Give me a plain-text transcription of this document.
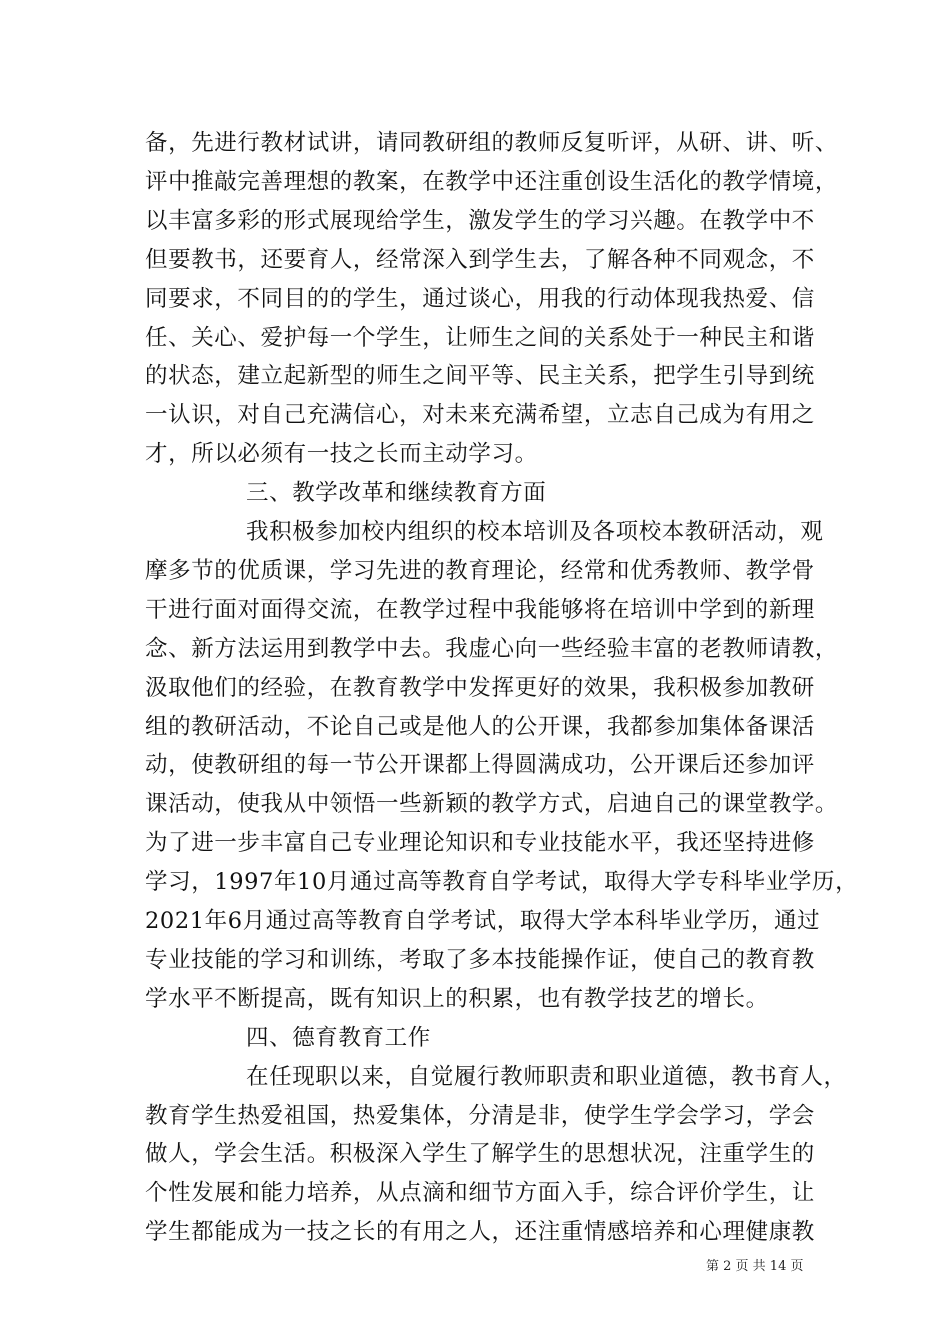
备，先进行教材试讲，请同教研组的教师反复听评，从研、讲、听、
评中推敲完善理想的教案，在教学中还注重创设生活化的教学情境，
以丰富多彩的形式展现给学生，激发学生的学习兴趣。在教学中不
但要教书，还要育人，经常深入到学生去，了解各种不同观念，不
同要求，不同目的的学生，通过谈心，用我的行动体现我热爱、信
任、关心、爱护每一个学生，让师生之间的关系处于一种民主和谐
的状态，建立起新型的师生之间平等、民主关系，把学生引导到统
一认识，对自己充满信心，对未来充满希望，立志自己成为有用之
才，所以必须有一技之长而主动学习。
三、教学改革和继续教育方面
我积极参加校内组织的校本培训及各项校本教研活动，观
摩多节的优质课，学习先进的教育理论，经常和优秀教师、教学骨
干进行面对面得交流，在教学过程中我能够将在培训中学到的新理
念、新方法运用到教学中去。我虚心向一些经验丰富的老教师请教，
汲取他们的经验，在教育教学中发挥更好的效果，我积极参加教研
组的教研活动，不论自己或是他人的公开课，我都参加集体备课活
动，使教研组的每一节公开课都上得圆满成功，公开课后还参加评
课活动，使我从中领悟一些新颖的教学方式，启迪自己的课堂教学。
为了进一步丰富自己专业理论知识和专业技能水平，我还坚持进修
学习，1997年10月通过高等教育自学考试，取得大学专科毕业学历，
2021年6月通过高等教育自学考试，取得大学本科毕业学历，通过
专业技能的学习和训练，考取了多本技能操作证，使自己的教育教
学水平不断提高，既有知识上的积累，也有教学技艺的增长。
四、德育教育工作
在任现职以来，自觉履行教师职责和职业道德，教书育人，
教育学生热爱祖国，热爱集体，分清是非，使学生学会学习，学会
做人，学会生活。积极深入学生了解学生的思想状况，注重学生的
个性发展和能力培养，从点滴和细节方面入手，综合评价学生，让
学生都能成为一技之长的有用之人，还注重情感培养和心理健康教
第 2 页 共 14 页
